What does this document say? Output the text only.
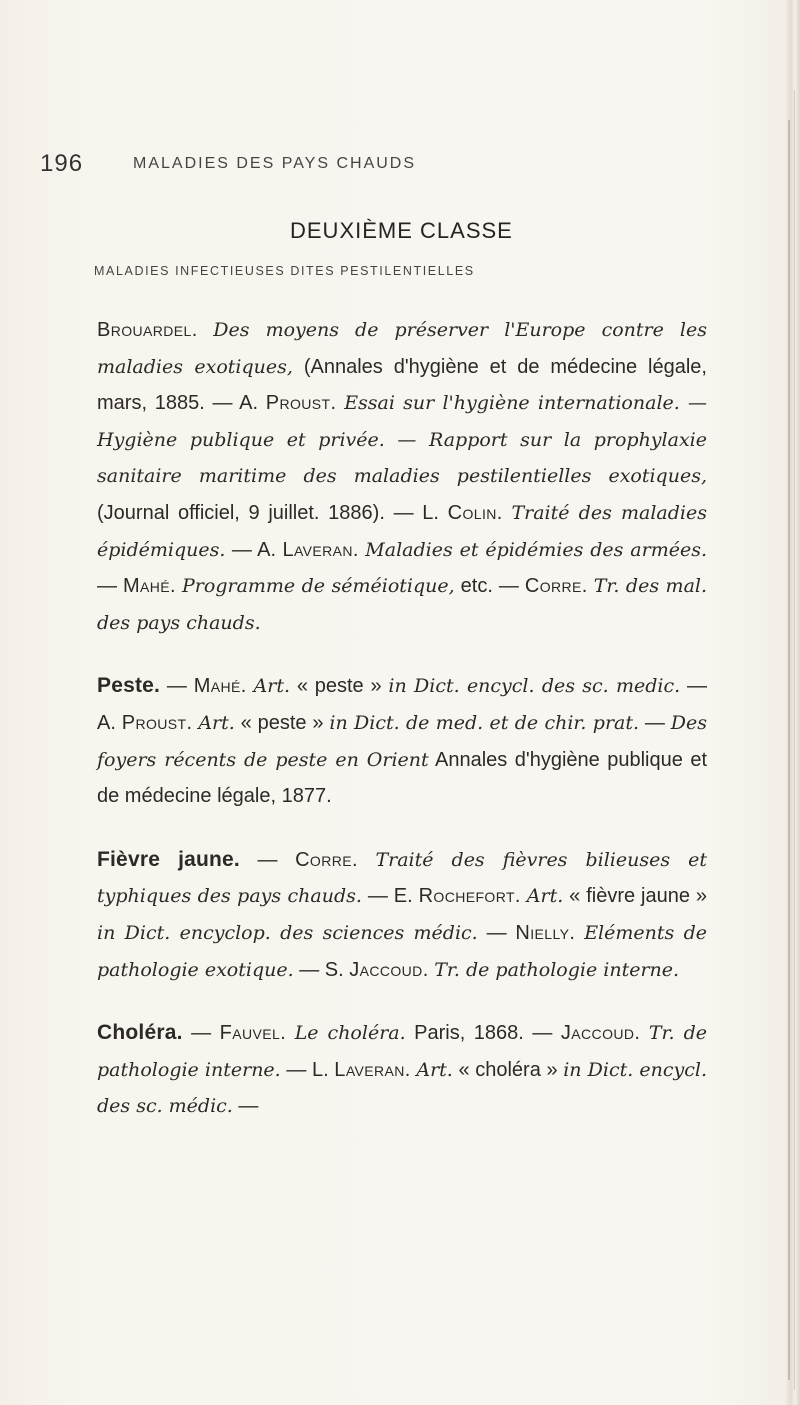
196	MALADIES DES PAYS CHAUDS
DEUXIÈME CLASSE
MALADIES INFECTIEUSES DITES PESTILENTIELLES

Brouardel. Des moyens de préserver l'Europe contre les maladies exotiques, (Annales d'hygiène et de médecine légale, mars, 1885. — A. Proust. Essai sur l'hygiène internationale. — Hygiène publique et privée. — Rapport sur la prophylaxie sanitaire maritime des maladies pestilentielles exotiques, (Journal officiel, 9 juillet. 1886). — L. Colin. Traité des maladies épidémiques. — A. Laveran. Maladies et épidémies des armées. — Mahé. Programme de séméiotique, etc. — Corre. Tr. des mal. des pays chauds.

Peste. — Mahé. Art. « peste » in Dict. encycl. des sc. medic. — A. Proust. Art. « peste » in Dict. de med. et de chir. prat. — Des foyers récents de peste en Orient Annales d'hygiène publique et de médecine légale, 1877.

Fièvre jaune. — Corre. Traité des fièvres bilieuses et typhiques des pays chauds. — E. Rochefort. Art. « fièvre jaune » in Dict. encyclop. des sciences médic. — Nielly. Eléments de pathologie exotique. — S. Jaccoud. Tr. de pathologie interne.

Choléra. — Fauvel. Le choléra. Paris, 1868. — Jaccoud. Tr. de pathologie interne. — L. Laveran. Art. « choléra » in Dict. encycl. des sc. médic. —
